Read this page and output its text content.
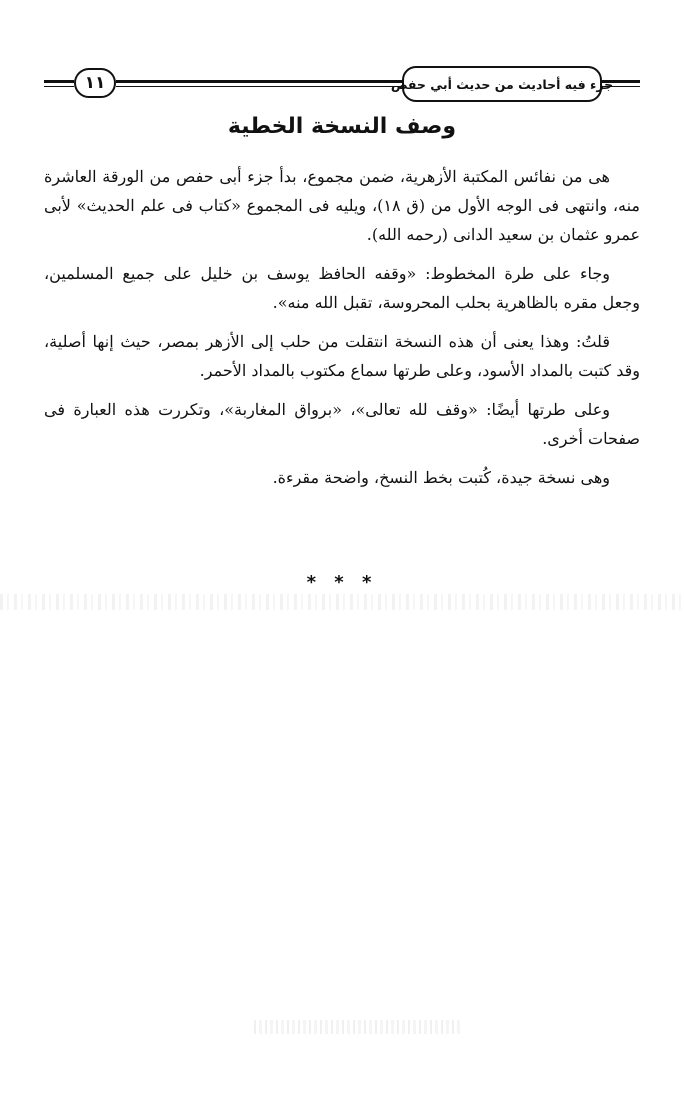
١١	جزء فيه أحاديث من حديث أبي حفص
وصف النسخة الخطية

هى من نفائس المكتبة الأزهرية، ضمن مجموع، بدأ جزء أبى حفص من الورقة العاشرة منه، وانتهى فى الوجه الأول من (ق ١٨)، ويليه فى المجموع «كتاب فى علم الحديث» لأبى عمرو عثمان بن سعيد الدانى (رحمه الله).

وجاء على طرة المخطوط: «وقفه الحافظ يوسف بن خليل على جميع المسلمين، وجعل مقره بالظاهرية بحلب المحروسة، تقبل الله منه».

قلتُ: وهذا يعنى أن هذه النسخة انتقلت من حلب إلى الأزهر بمصر، حيث إنها أصلية، وقد كتبت بالمداد الأسود، وعلى طرتها سماع مكتوب بالمداد الأحمر.

وعلى طرتها أيضًا: «وقف لله تعالى»، «برواق المغاربة»، وتكررت هذه العبارة فى صفحات أخرى.

وهى نسخة جيدة، كُتبت بخط النسخ، واضحة مقرءة.

* * *
